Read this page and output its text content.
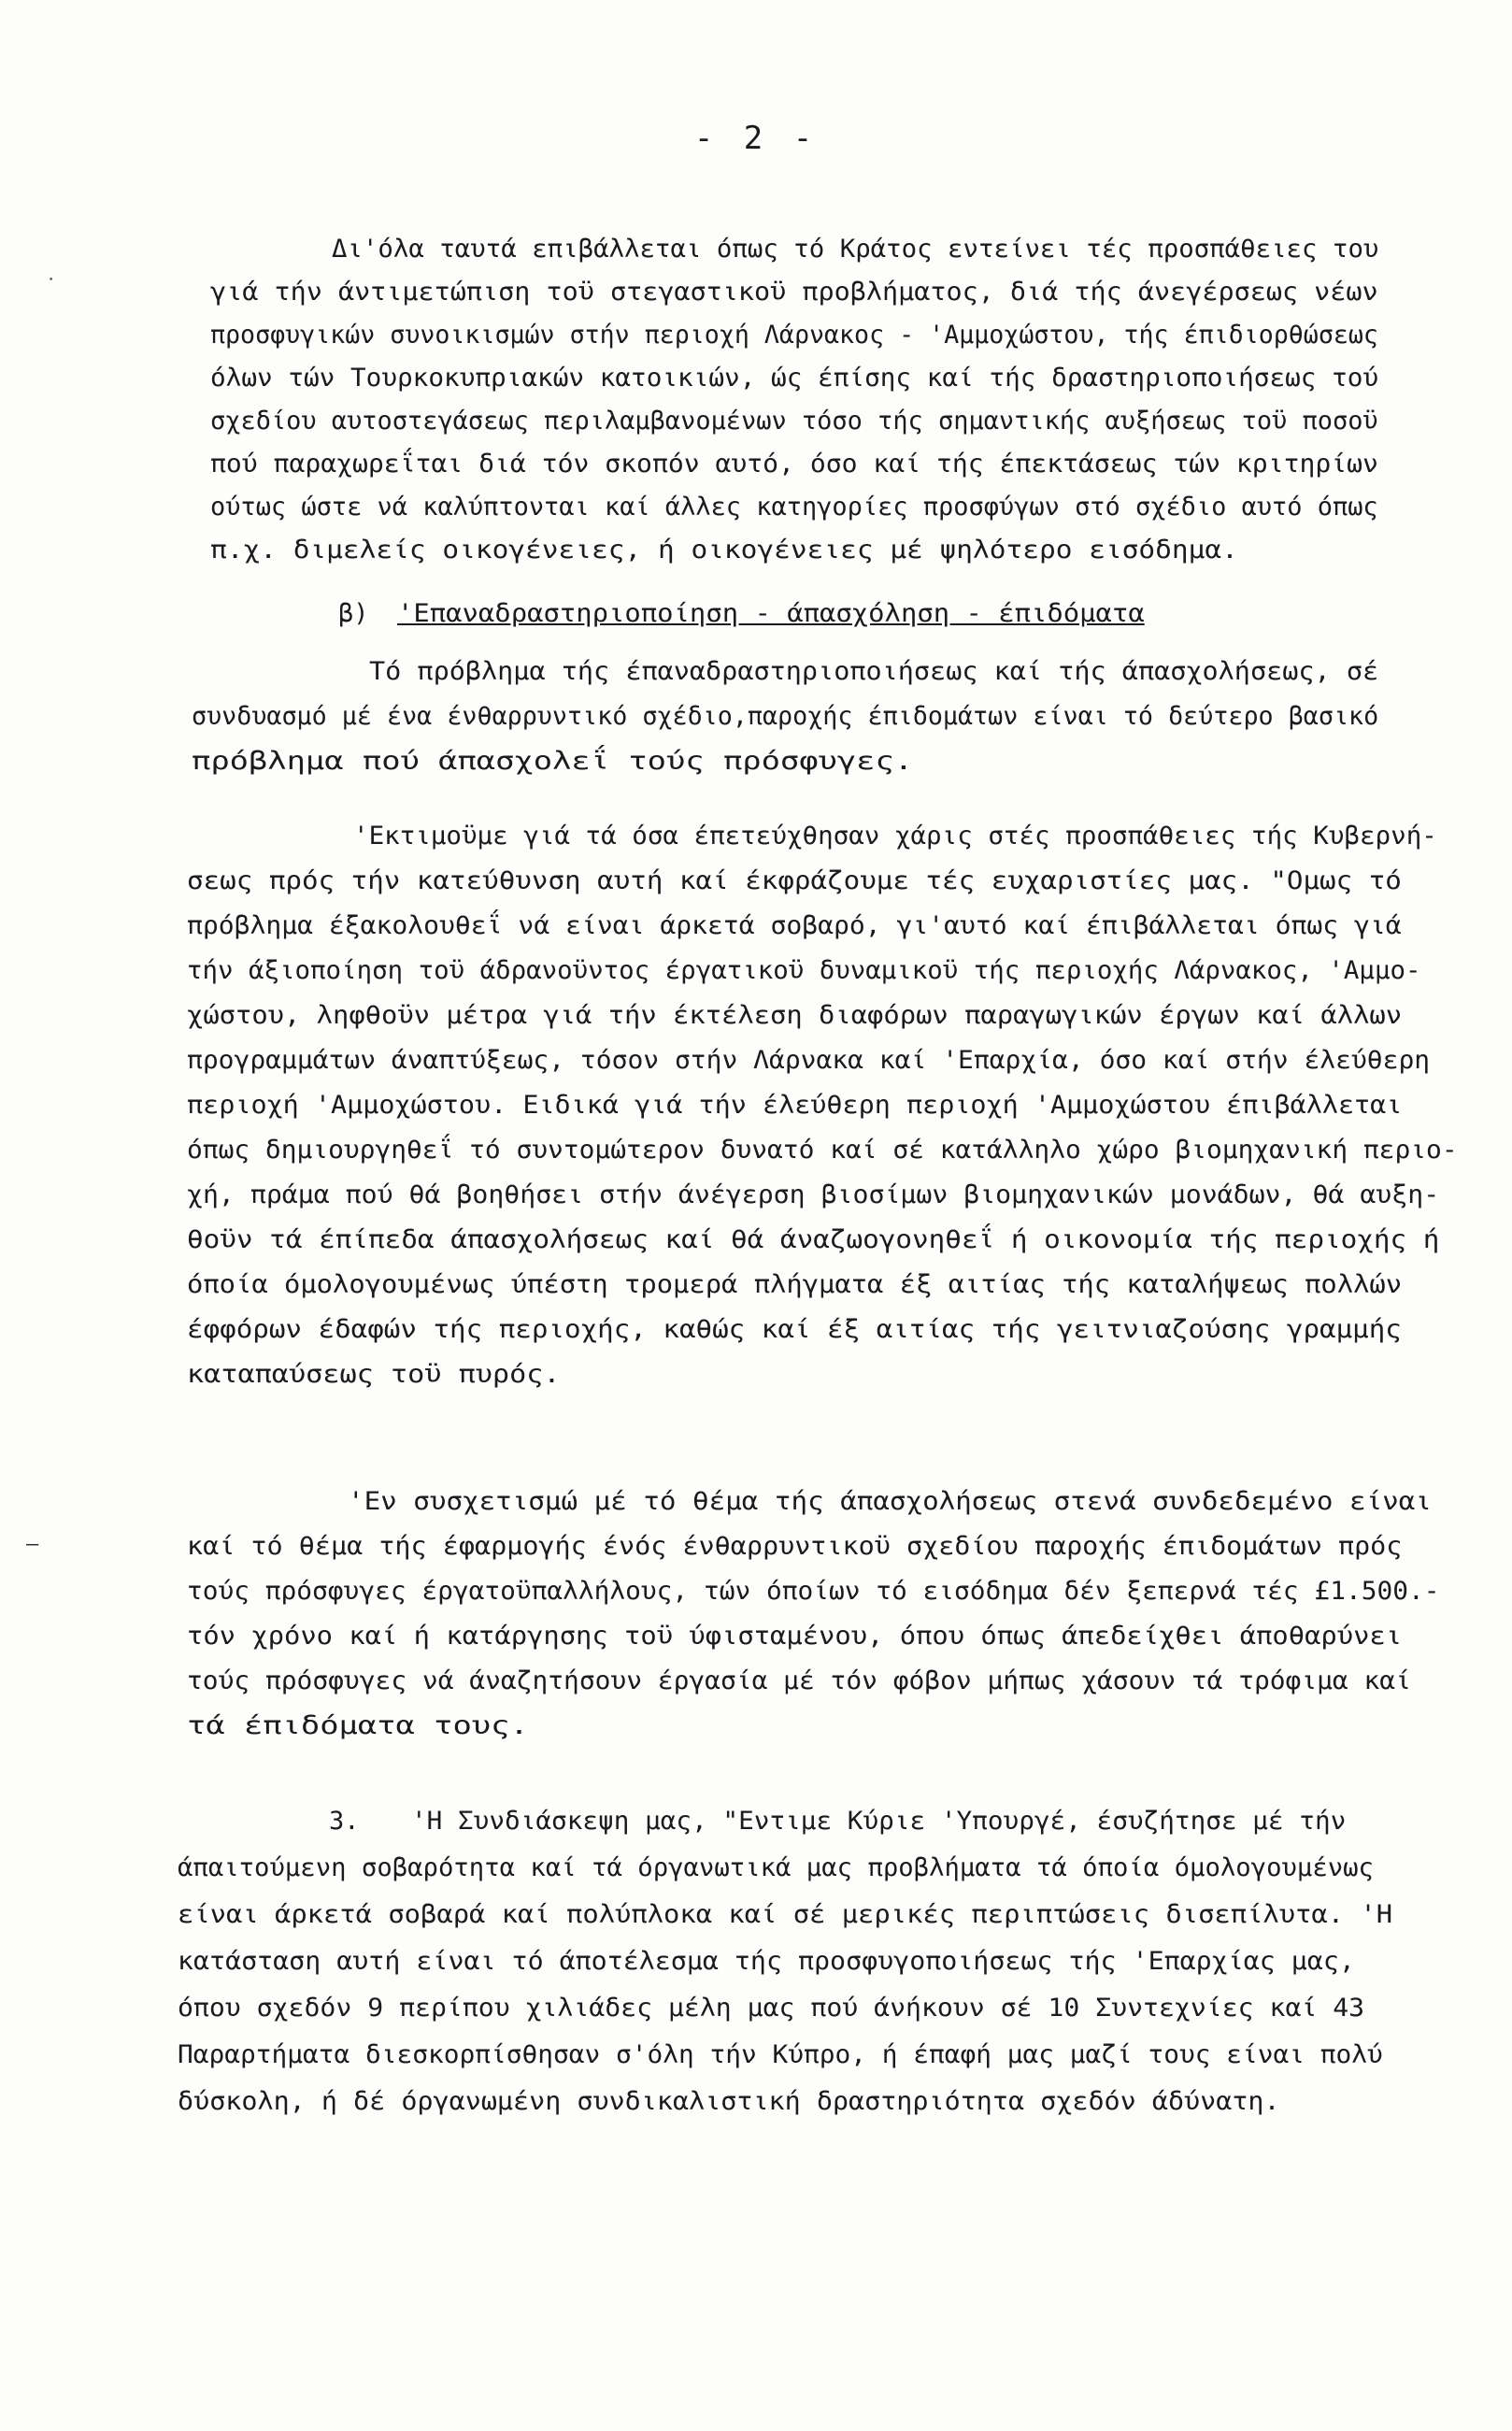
- 2 -
˙
—
Δι'όλα ταυτά επιβάλλεται όπως τό Κράτος εντείνει τές προσπάθειες του
γιά τήν άντιμετώπιση τοϋ στεγαστικοϋ προβλήματος, διά τής άνεγέρσεως νέων
προσφυγικών συνοικισμών στήν περιοχή Λάρνακος - 'Αμμοχώστου, τής έπιδιορθώσεως
όλων τών Τουρκοκυπριακών κατοικιών, ώς έπίσης καί τής δραστηριοποιήσεως τού
σχεδίου αυτοστεγάσεως περιλαμβανομένων τόσο τής σημαντικής αυξήσεως τοϋ ποσοϋ
πού παραχωρεΐται διά τόν σκοπόν αυτό, όσο καί τής έπεκτάσεως τών κριτηρίων
ούτως ώστε νά καλύπτονται καί άλλες κατηγορίες προσφύγων στό σχέδιο αυτό όπως
π.χ. διμελείς οικογένειες, ή οικογένειες μέ ψηλότερο εισόδημα.
β) 'Επαναδραστηριοποίηση - άπασχόληση - έπιδόματα
Τό πρόβλημα τής έπαναδραστηριοποιήσεως καί τής άπασχολήσεως, σέ
συνδυασμό μέ ένα ένθαρρυντικό σχέδιο,παροχής έπιδομάτων είναι τό δεύτερο βασικό
πρόβλημα πού άπασχολεΐ τούς πρόσφυγες.
'Εκτιμοϋμε γιά τά όσα έπετεύχθησαν χάρις στές προσπάθειες τής Κυβερνή-
σεως πρός τήν κατεύθυνση αυτή καί έκφράζουμε τές ευχαριστίες μας. "Ομως τό
πρόβλημα έξακολουθεΐ νά είναι άρκετά σοβαρό, γι'αυτό καί έπιβάλλεται όπως γιά
τήν άξιοποίηση τοϋ άδρανοϋντος έργατικοϋ δυναμικοϋ τής περιοχής Λάρνακος, 'Αμμο-
χώστου, ληφθοϋν μέτρα γιά τήν έκτέλεση διαφόρων παραγωγικών έργων καί άλλων
προγραμμάτων άναπτύξεως, τόσον στήν Λάρνακα καί 'Επαρχία, όσο καί στήν έλεύθερη
περιοχή 'Αμμοχώστου. Ειδικά γιά τήν έλεύθερη περιοχή 'Αμμοχώστου έπιβάλλεται
όπως δημιουργηθεΐ τό συντομώτερον δυνατό καί σέ κατάλληλο χώρο βιομηχανική περιο-
χή, πράμα πού θά βοηθήσει στήν άνέγερση βιοσίμων βιομηχανικών μονάδων, θά αυξη-
θοϋν τά έπίπεδα άπασχολήσεως καί θά άναζωογονηθεΐ ή οικονομία τής περιοχής ή
όποία όμολογουμένως ύπέστη τρομερά πλήγματα έξ αιτίας τής καταλήψεως πολλών
έφφόρων έδαφών τής περιοχής, καθώς καί έξ αιτίας τής γειτνιαζούσης γραμμής
καταπαύσεως τοϋ πυρός.
'Εν συσχετισμώ μέ τό θέμα τής άπασχολήσεως στενά συνδεδεμένο είναι
καί τό θέμα τής έφαρμογής ένός ένθαρρυντικοϋ σχεδίου παροχής έπιδομάτων πρός
τούς πρόσφυγες έργατοϋπαλλήλους, τών όποίων τό εισόδημα δέν ξεπερνά τές £1.500.-
τόν χρόνο καί ή κατάργησης τοϋ ύφισταμένου, όπου όπως άπεδείχθει άποθαρύνει
τούς πρόσφυγες νά άναζητήσουν έργασία μέ τόν φόβον μήπως χάσουν τά τρόφιμα καί
τά έπιδόματα τους.
3. 'Η Συνδιάσκεψη μας, "Εντιμε Κύριε 'Υπουργέ, έσυζήτησε μέ τήν
άπαιτούμενη σοβαρότητα καί τά όργανωτικά μας προβλήματα τά όποία όμολογουμένως
είναι άρκετά σοβαρά καί πολύπλοκα καί σέ μερικές περιπτώσεις δισεπίλυτα. 'Η
κατάσταση αυτή είναι τό άποτέλεσμα τής προσφυγοποιήσεως τής 'Επαρχίας μας,
όπου σχεδόν 9 περίπου χιλιάδες μέλη μας πού άνήκουν σέ 10 Συντεχνίες καί 43
Παραρτήματα διεσκορπίσθησαν σ'όλη τήν Κύπρο, ή έπαφή μας μαζί τους είναι πολύ
δύσκολη, ή δέ όργανωμένη συνδικαλιστική δραστηριότητα σχεδόν άδύνατη.
